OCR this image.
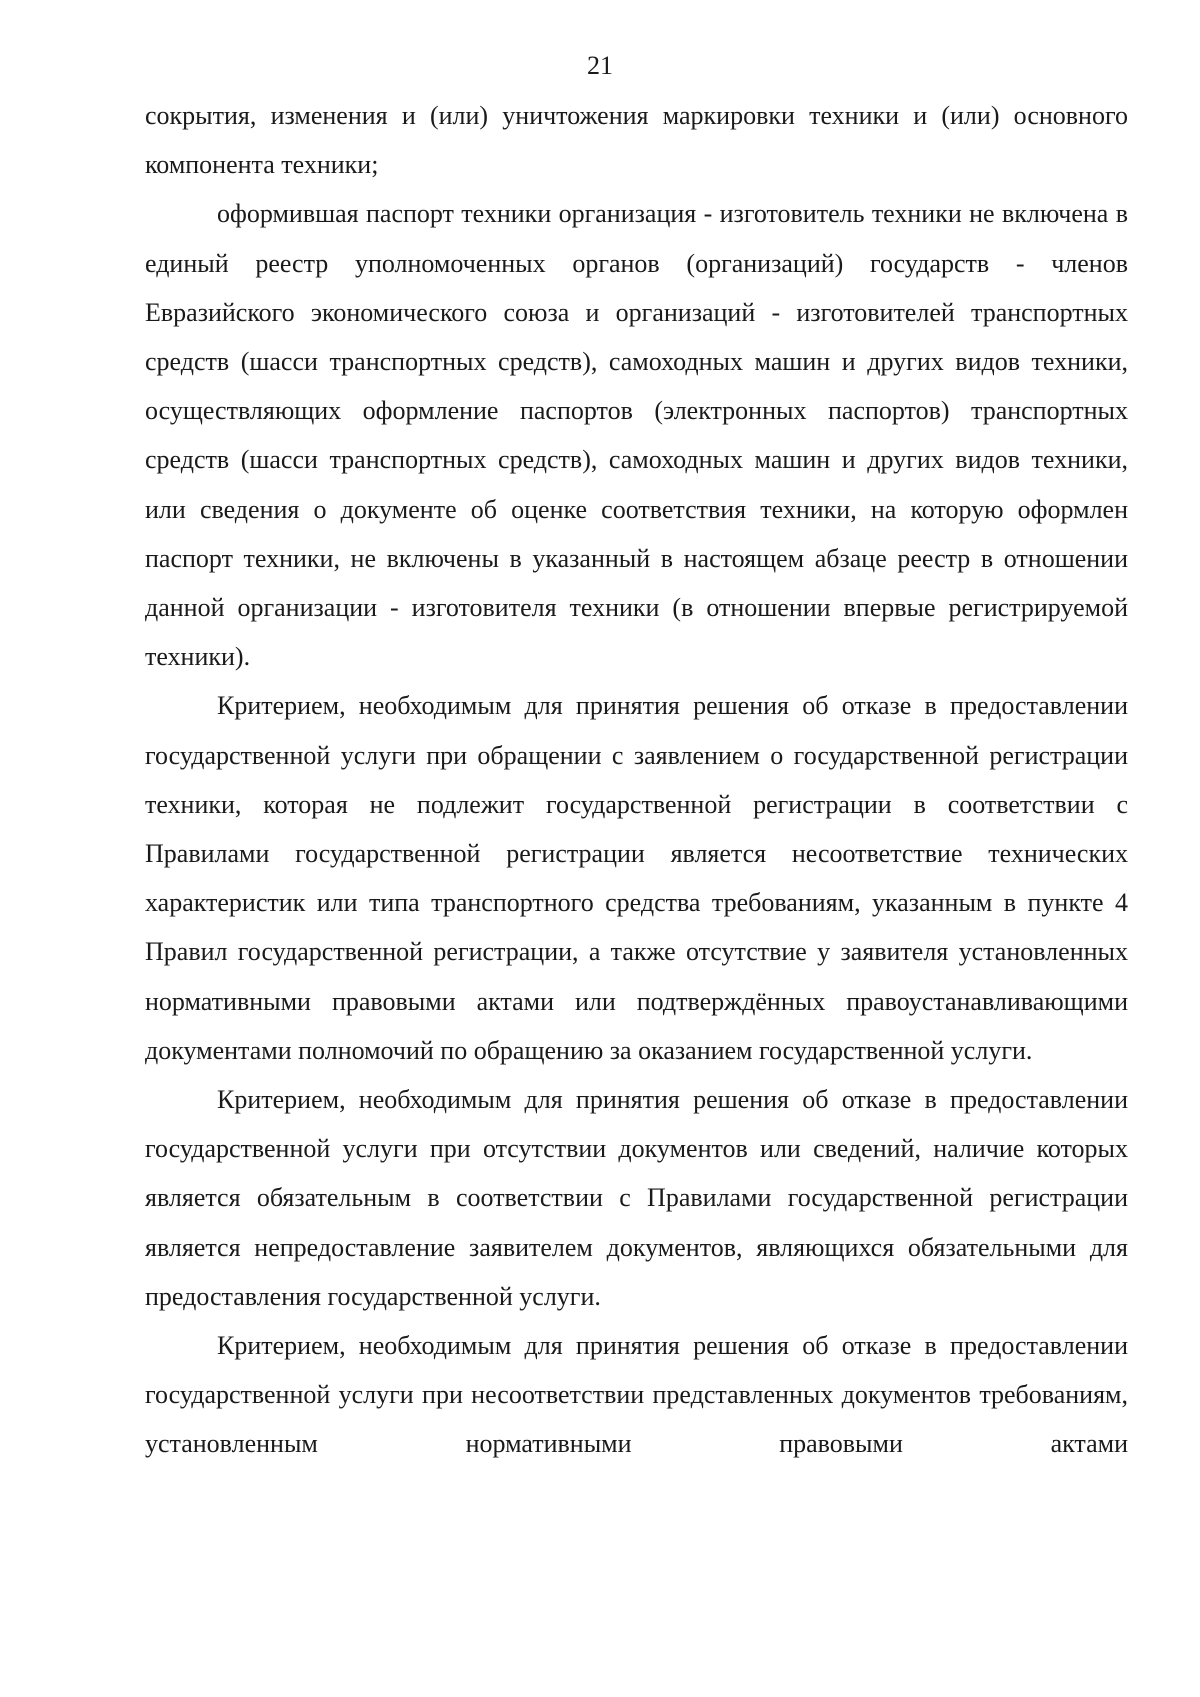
21

сокрытия, изменения и (или) уничтожения маркировки техники и (или) основного компонента техники;

оформившая паспорт техники организация - изготовитель техники не включена в единый реестр уполномоченных органов (организаций) государств - членов Евразийского экономического союза и организаций - изготовителей транспортных средств (шасси транспортных средств), самоходных машин и других видов техники, осуществляющих оформление паспортов (электронных паспортов) транспортных средств (шасси транспортных средств), самоходных машин и других видов техники, или сведения о документе об оценке соответствия техники, на которую оформлен паспорт техники, не включены в указанный в настоящем абзаце реестр в отношении данной организации - изготовителя техники (в отношении впервые регистрируемой техники).

Критерием, необходимым для принятия решения об отказе в предоставлении государственной услуги при обращении с заявлением о государственной регистрации техники, которая не подлежит государственной регистрации в соответствии с Правилами государственной регистрации является несоответствие технических характеристик или типа транспортного средства требованиям, указанным в пункте 4 Правил государственной регистрации, а также отсутствие у заявителя установленных нормативными правовыми актами или подтверждённых правоустанавливающими документами полномочий по обращению за оказанием государственной услуги.

Критерием, необходимым для принятия решения об отказе в предоставлении государственной услуги при отсутствии документов или сведений, наличие которых является обязательным в соответствии с Правилами государственной регистрации является непредоставление заявителем документов, являющихся обязательными для предоставления государственной услуги.

Критерием, необходимым для принятия решения об отказе в предоставлении государственной услуги при несоответствии представленных документов требованиям, установленным нормативными правовыми актами
